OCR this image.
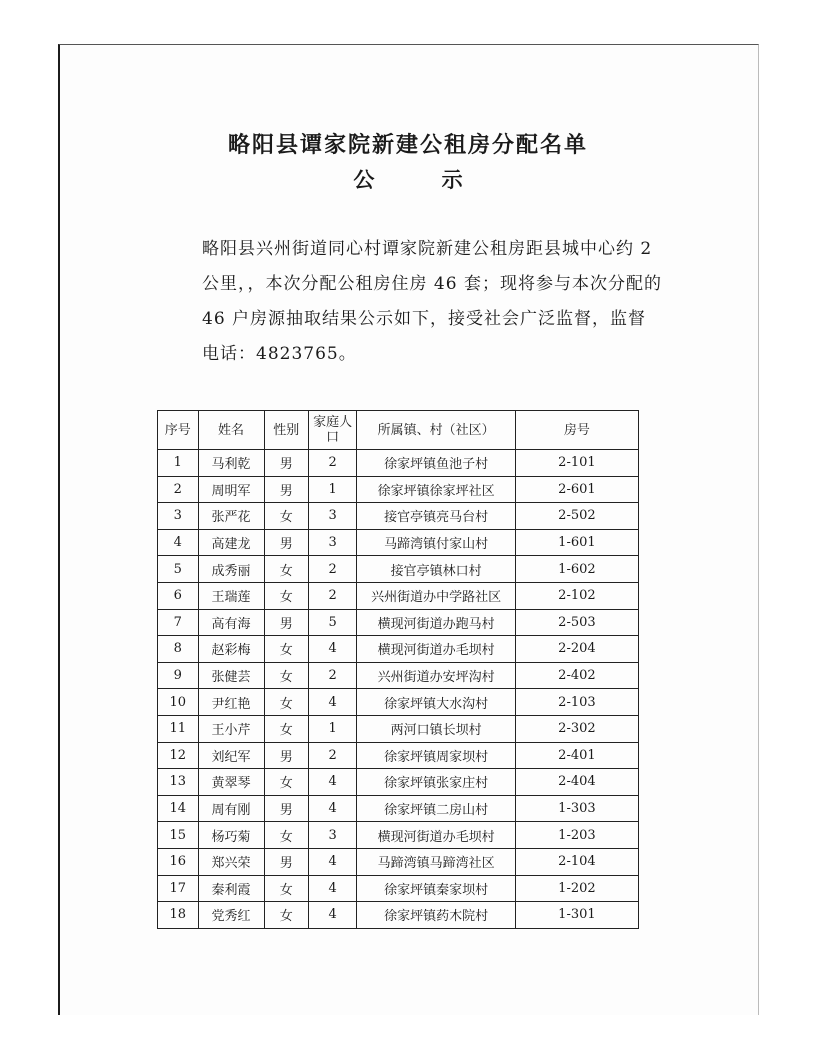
略阳县谭家院新建公租房分配名单
公 示
略阳县兴州街道同心村谭家院新建公租房距县城中心约 2 公里，，本次分配公租房住房 46 套；现将参与本次分配的 46 户房源抽取结果公示如下，接受社会广泛监督，监督电话：4823765。
序号	姓名	性别	家庭人口	所属镇、村（社区）	房号
1	马利乾	男	2	徐家坪镇鱼池子村	2-101
2	周明军	男	1	徐家坪镇徐家坪社区	2-601
3	张严花	女	3	接官亭镇亮马台村	2-502
4	高建龙	男	3	马蹄湾镇付家山村	1-601
5	成秀丽	女	2	接官亭镇林口村	1-602
6	王瑞莲	女	2	兴州街道办中学路社区	2-102
7	高有海	男	5	横现河街道办跑马村	2-503
8	赵彩梅	女	4	横现河街道办毛坝村	2-204
9	张健芸	女	2	兴州街道办安坪沟村	2-402
10	尹红艳	女	4	徐家坪镇大水沟村	2-103
11	王小芹	女	1	两河口镇长坝村	2-302
12	刘纪军	男	2	徐家坪镇周家坝村	2-401
13	黄翠琴	女	4	徐家坪镇张家庄村	2-404
14	周有刚	男	4	徐家坪镇二房山村	1-303
15	杨巧菊	女	3	横现河街道办毛坝村	1-203
16	郑兴荣	男	4	马蹄湾镇马蹄湾社区	2-104
17	秦利霞	女	4	徐家坪镇秦家坝村	1-202
18	党秀红	女	4	徐家坪镇药木院村	1-301
